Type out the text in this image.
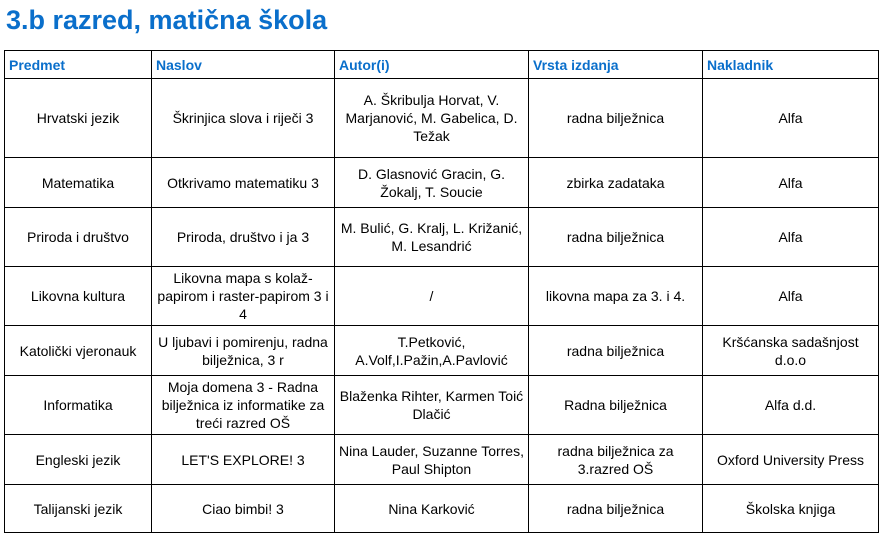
3.b razred, matična škola
Predmet	Naslov	Autor(i)	Vrsta izdanja	Nakladnik
Hrvatski jezik	Škrinjica slova i riječi 3	A. Škribulja Horvat, V. Marjanović, M. Gabelica, D. Težak	radna bilježnica	Alfa
Matematika	Otkrivamo matematiku 3	D. Glasnović Gracin, G. Žokalj, T. Soucie	zbirka zadataka	Alfa
Priroda i društvo	Priroda, društvo i ja 3	M. Bulić, G. Kralj, L. Križanić, M. Lesandrić	radna bilježnica	Alfa
Likovna kultura	Likovna mapa s kolaž-papirom i raster-papirom 3 i 4	/	likovna mapa za 3. i 4.	Alfa
Katolički vjeronauk	U ljubavi i pomirenju, radna bilježnica, 3 r	T.Petković, A.Volf,I.Pažin,A.Pavlović	radna bilježnica	Kršćanska sadašnjost d.o.o
Informatika	Moja domena 3 - Radna bilježnica iz informatike za treći razred OŠ	Blaženka Rihter, Karmen Toić Dlačić	Radna bilježnica	Alfa d.d.
Engleski jezik	LET'S EXPLORE! 3	Nina Lauder, Suzanne Torres, Paul Shipton	radna bilježnica za 3.razred OŠ	Oxford University Press
Talijanski jezik	Ciao bimbi! 3	Nina Karković	radna bilježnica	Školska knjiga
